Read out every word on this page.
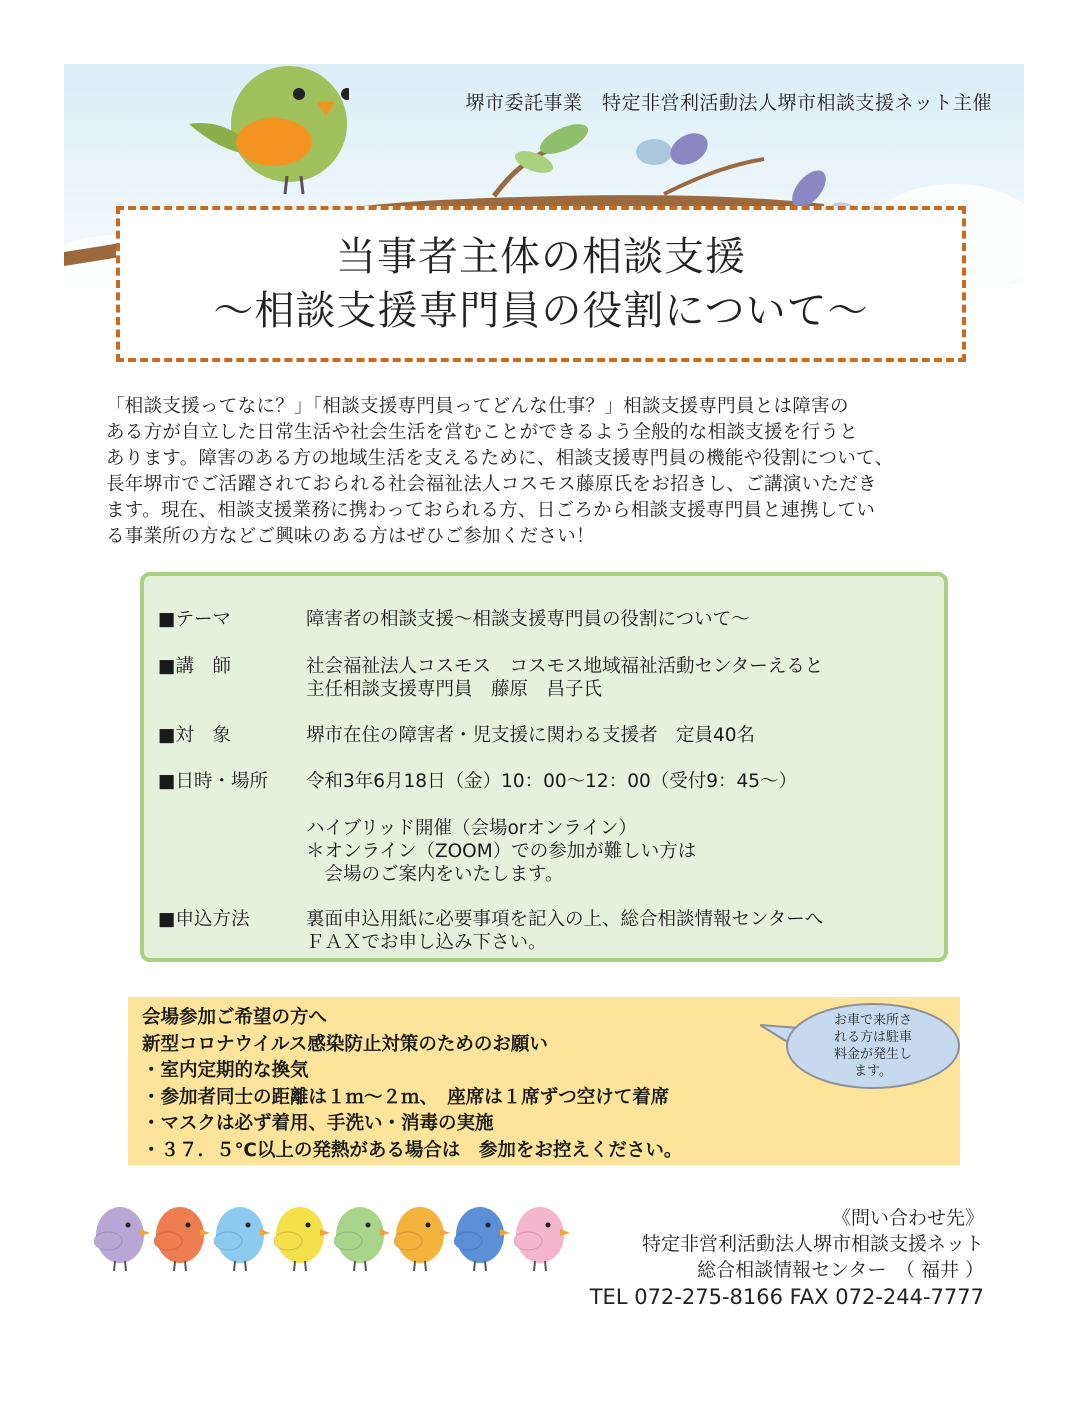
堺市委託事業　特定非営利活動法人堺市相談支援ネット主催
当事者主体の相談支援
～相談支援専門員の役割について～

「相談支援ってなに？」「相談支援専門員ってどんな仕事？」相談支援専門員とは障害の

ある方が自立した日常生活や社会生活を営むことができるよう全般的な相談支援を行うと

あります。障害のある方の地域生活を支えるために、相談支援専門員の機能や役割について、

長年堺市でご活躍されておられる社会福祉法人コスモス藤原氏をお招きし、ご講演いただき

ます。現在、相談支援業務に携わっておられる方、日ごろから相談支援専門員と連携してい

る事業所の方などご興味のある方はぜひご参加ください！

■テーマ	障害者の相談支援～相談支援専門員の役割について～
■講　師	社会福祉法人コスモス　コスモス地域福祉活動センターえると
主任相談支援専門員　藤原　昌子氏
■対　象	堺市在住の障害者・児支援に関わる支援者　定員40名
■日時・場所 令和3年6月18日（金）10：00～12：00（受付9：45～）
ハイブリッド開催（会場orオンライン）
＊オンライン（ZOOM）での参加が難しい方は
　会場のご案内をいたします。
■申込方法	裏面申込用紙に必要事項を記入の上、総合相談情報センターへ
ＦＡＸでお申し込み下さい。
会場参加ご希望の方へ
新型コロナウイルス感染防止対策のためのお願い
・室内定期的な換気
・参加者同士の距離は１ｍ～２ｍ、　座席は１席ずつ空けて着席
・マスクは必ず着用、手洗い・消毒の実施
・３７．５℃以上の発熱がある場合は　参加をお控えください。
お車で来所さ
れる方は駐車
料金が発生し
ます。
《問い合わせ先》
特定非営利活動法人堺市相談支援ネット
総合相談情報センター　（ 福井 ）
TEL 072-275-8166 FAX 072-244-7777
